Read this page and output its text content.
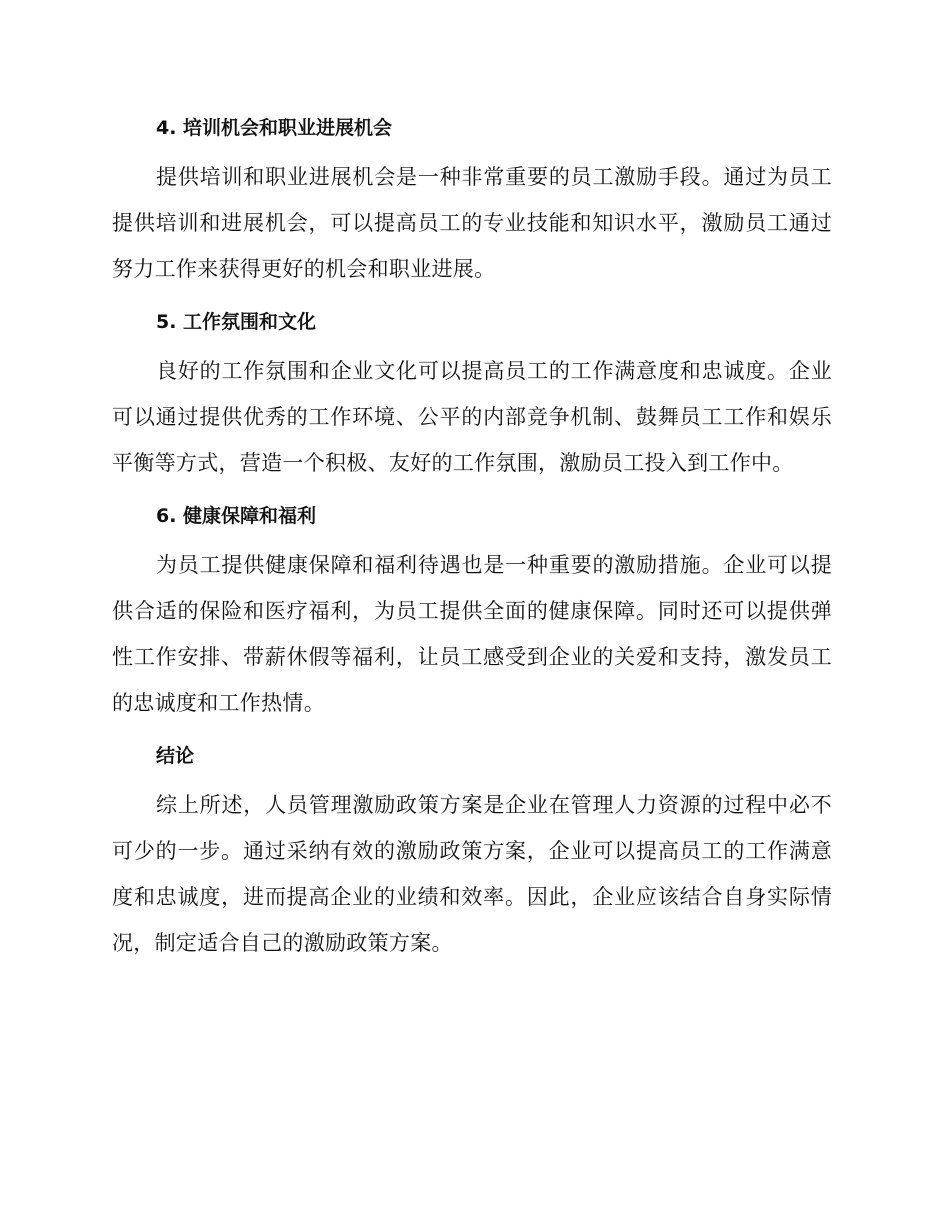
4. 培训机会和职业进展机会

提供培训和职业进展机会是一种非常重要的员工激励手段。通过为员工提供培训和进展机会，可以提高员工的专业技能和知识水平，激励员工通过努力工作来获得更好的机会和职业进展。

5. 工作氛围和文化

良好的工作氛围和企业文化可以提高员工的工作满意度和忠诚度。企业可以通过提供优秀的工作环境、公平的内部竞争机制、鼓舞员工工作和娱乐平衡等方式，营造一个积极、友好的工作氛围，激励员工投入到工作中。

6. 健康保障和福利

为员工提供健康保障和福利待遇也是一种重要的激励措施。企业可以提供合适的保险和医疗福利，为员工提供全面的健康保障。同时还可以提供弹性工作安排、带薪休假等福利，让员工感受到企业的关爱和支持，激发员工的忠诚度和工作热情。

结论

综上所述，人员管理激励政策方案是企业在管理人力资源的过程中必不可少的一步。通过采纳有效的激励政策方案，企业可以提高员工的工作满意度和忠诚度，进而提高企业的业绩和效率。因此，企业应该结合自身实际情况，制定适合自己的激励政策方案。
